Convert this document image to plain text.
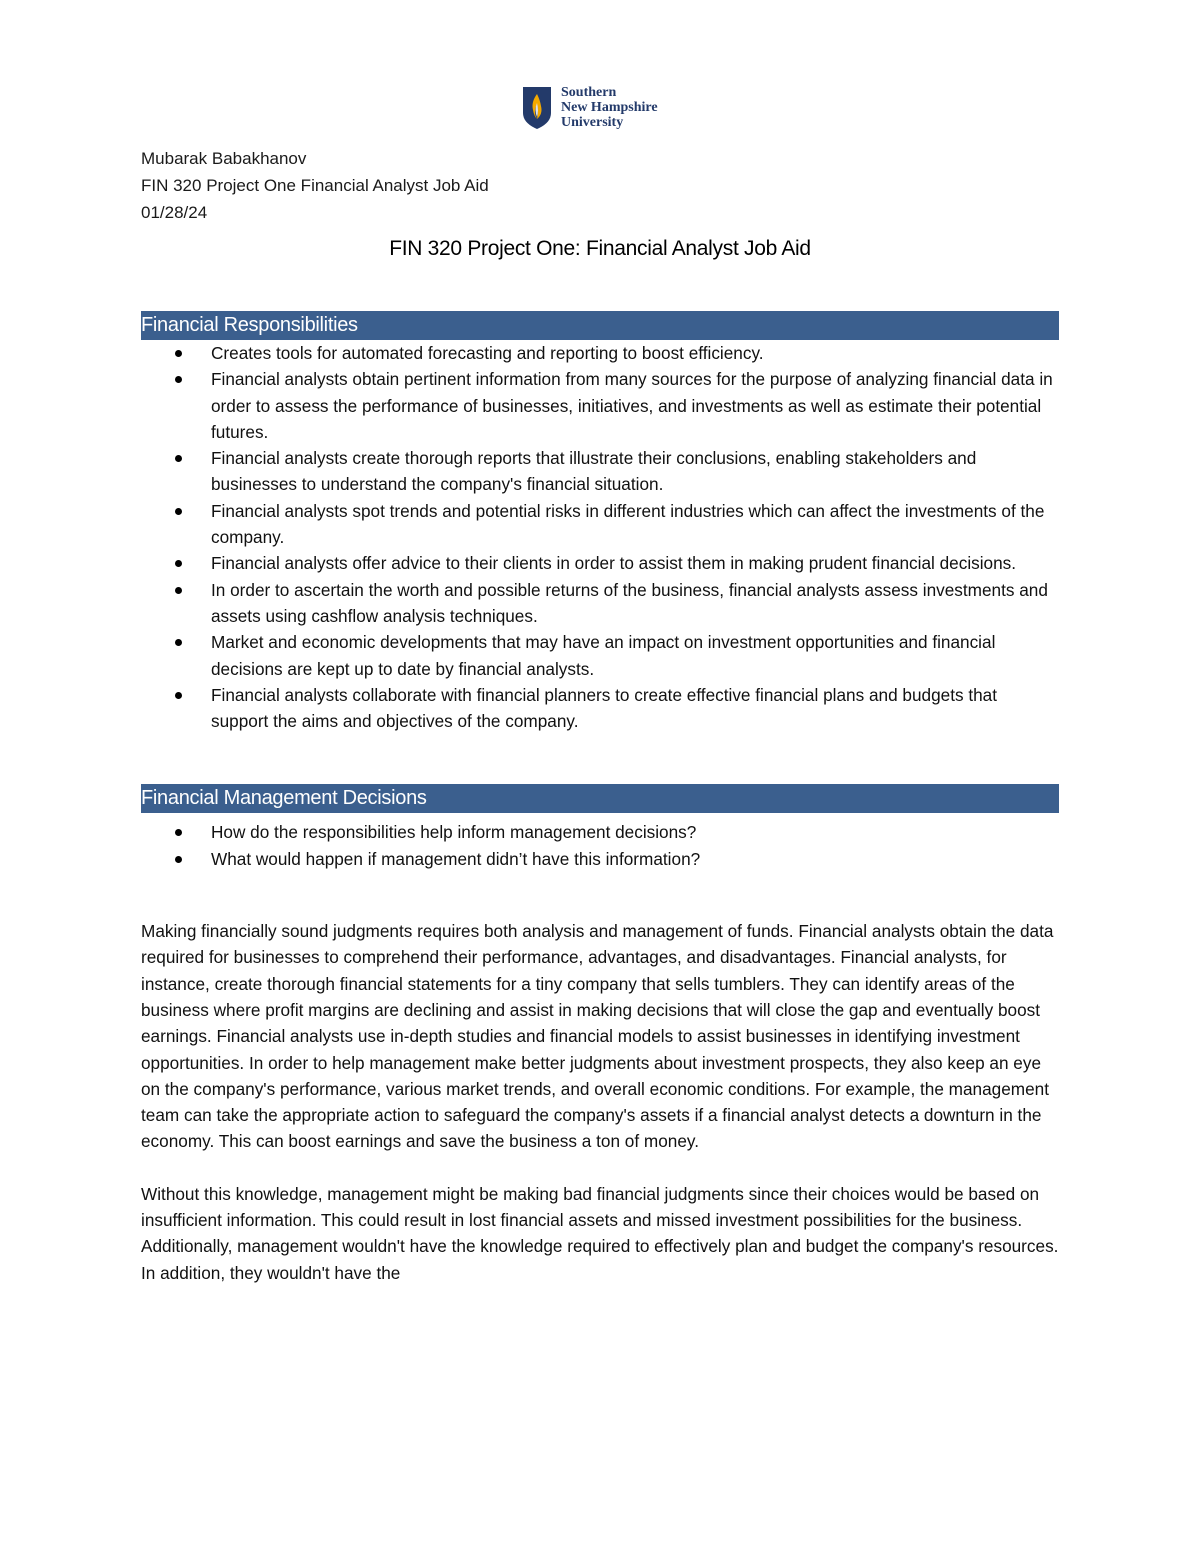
Southern
New Hampshire
University
Mubarak Babakhanov
FIN 320 Project One Financial Analyst Job Aid
01/28/24
FIN 320 Project One: Financial Analyst Job Aid
Financial Responsibilities
Creates tools for automated forecasting and reporting to boost efficiency.
Financial analysts obtain pertinent information from many sources for the purpose of analyzing financial data in order to assess the performance of businesses, initiatives, and investments as well as estimate their potential futures.
Financial analysts create thorough reports that illustrate their conclusions, enabling stakeholders and businesses to understand the company's financial situation.
Financial analysts spot trends and potential risks in different industries which can affect the investments of the company.
Financial analysts offer advice to their clients in order to assist them in making prudent financial decisions.
In order to ascertain the worth and possible returns of the business, financial analysts assess investments and assets using cashflow analysis techniques.
Market and economic developments that may have an impact on investment opportunities and financial decisions are kept up to date by financial analysts.
Financial analysts collaborate with financial planners to create effective financial plans and budgets that support the aims and objectives of the company.
Financial Management Decisions
How do the responsibilities help inform management decisions?
What would happen if management didn’t have this information?

Making financially sound judgments requires both analysis and management of funds. Financial analysts obtain the data required for businesses to comprehend their performance, advantages, and disadvantages. Financial analysts, for instance, create thorough financial statements for a tiny company that sells tumblers. They can identify areas of the business where profit margins are declining and assist in making decisions that will close the gap and eventually boost earnings. Financial analysts use in-depth studies and financial models to assist businesses in identifying investment opportunities. In order to help management make better judgments about investment prospects, they also keep an eye on the company's performance, various market trends, and overall economic conditions. For example, the management team can take the appropriate action to safeguard the company's assets if a financial analyst detects a downturn in the economy. This can boost earnings and save the business a ton of money.

Without this knowledge, management might be making bad financial judgments since their choices would be based on insufficient information. This could result in lost financial assets and missed investment possibilities for the business. Additionally, management wouldn't have the knowledge required to effectively plan and budget the company's resources. In addition, they wouldn't have the
